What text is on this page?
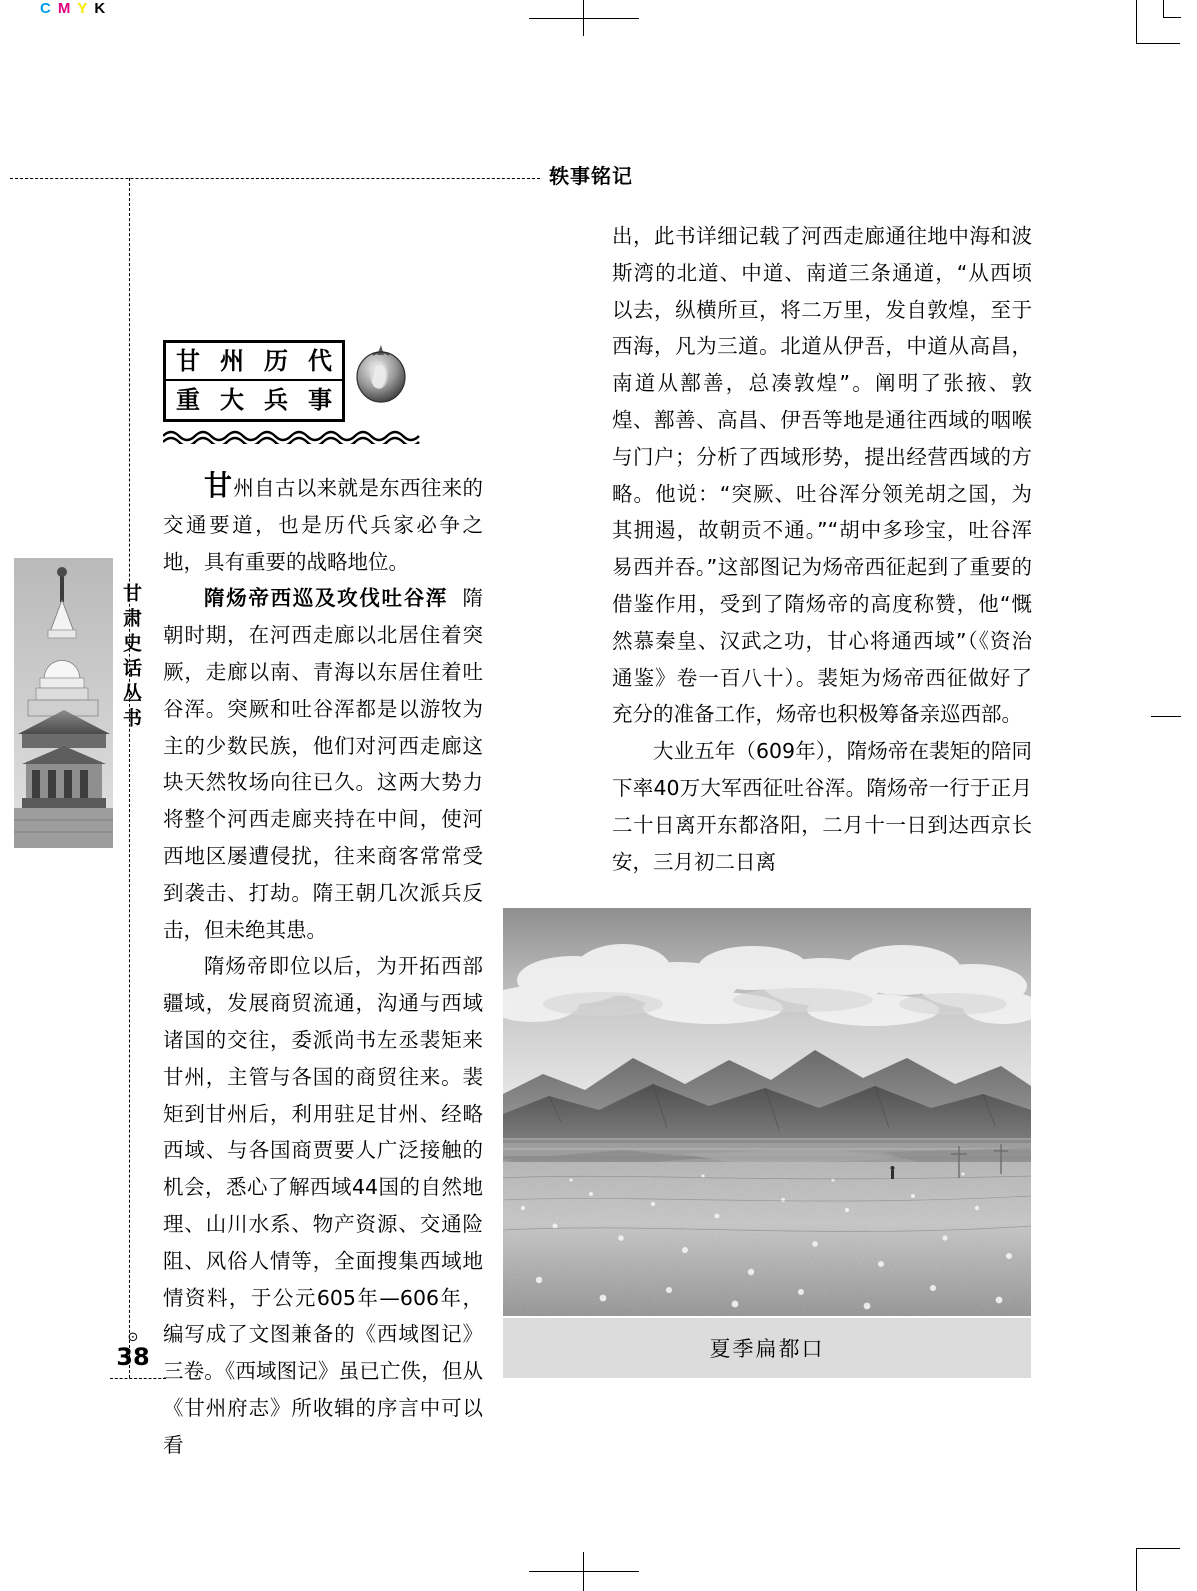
C M Y K
轶事铭记
甘肃史话丛书
⊙
38
甘 州 历 代
重 大 兵 事

甘州自古以来就是东西往来的交通要道，也是历代兵家必争之地，具有重要的战略地位。

隋炀帝西巡及攻伐吐谷浑 隋朝时期，在河西走廊以北居住着突厥，走廊以南、青海以东居住着吐谷浑。突厥和吐谷浑都是以游牧为主的少数民族，他们对河西走廊这块天然牧场向往已久。这两大势力将整个河西走廊夹持在中间，使河西地区屡遭侵扰，往来商客常常受到袭击、打劫。隋王朝几次派兵反击，但未绝其患。

隋炀帝即位以后，为开拓西部疆域，发展商贸流通，沟通与西域诸国的交往，委派尚书左丞裴矩来甘州，主管与各国的商贸往来。裴矩到甘州后，利用驻足甘州、经略西域、与各国商贾要人广泛接触的机会，悉心了解西域44国的自然地理、山川水系、物产资源、交通险阻、风俗人情等，全面搜集西域地情资料，于公元605年—606年，编写成了文图兼备的《西域图记》三卷。《西域图记》虽已亡佚，但从《甘州府志》所收辑的序言中可以看

出，此书详细记载了河西走廊通往地中海和波斯湾的北道、中道、南道三条通道，“从西顷以去，纵横所亘，将二万里，发自敦煌，至于西海，凡为三道。北道从伊吾，中道从高昌，南道从鄯善，总凑敦煌”。阐明了张掖、敦煌、鄯善、高昌、伊吾等地是通往西域的咽喉与门户；分析了西域形势，提出经营西域的方略。他说：“突厥、吐谷浑分领羌胡之国，为其拥遏，故朝贡不通。”“胡中多珍宝，吐谷浑易西并吞。”这部图记为炀帝西征起到了重要的借鉴作用，受到了隋炀帝的高度称赞，他“慨然慕秦皇、汉武之功，甘心将通西域”（《资治通鉴》卷一百八十）。裴矩为炀帝西征做好了充分的准备工作，炀帝也积极筹备亲巡西部。

大业五年（609年），隋炀帝在裴矩的陪同下率40万大军西征吐谷浑。隋炀帝一行于正月二十日离开东都洛阳，二月十一日到达西京长安，三月初二日离

夏季扁都口
